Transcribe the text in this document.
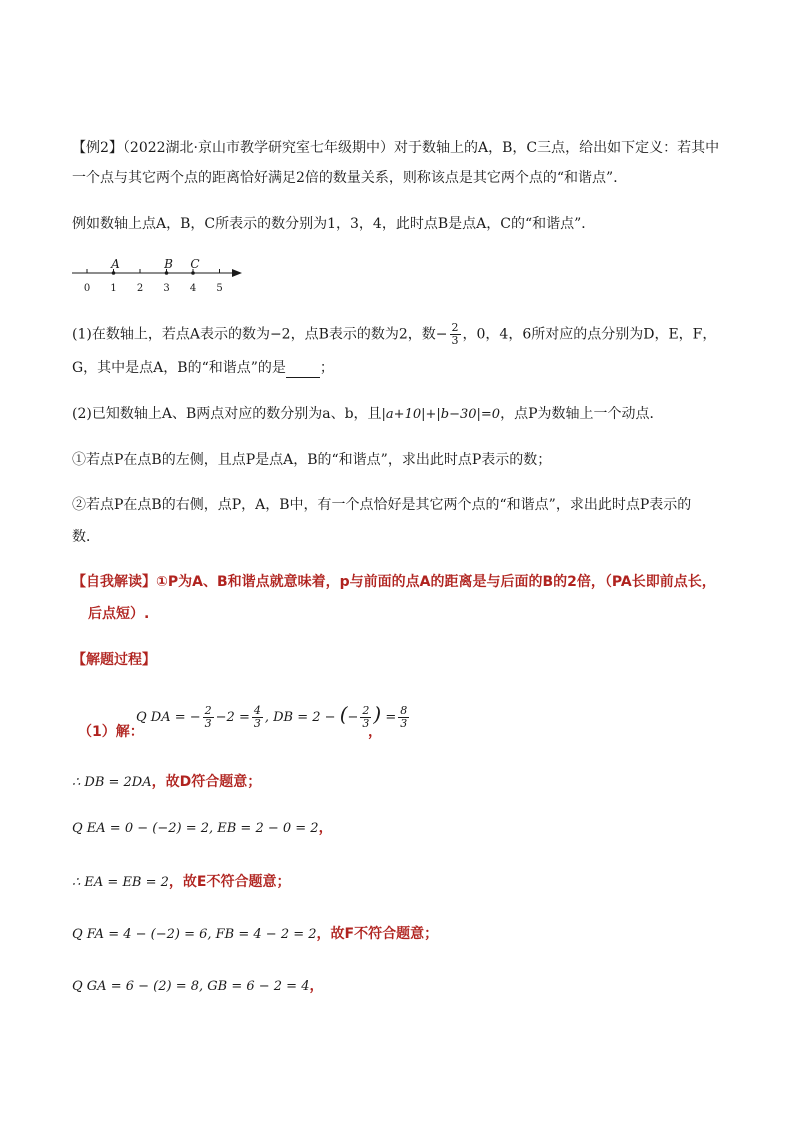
【例2】（2022湖北·京山市教学研究室七年级期中）对于数轴上的A，B，C三点，给出如下定义：若其中
一个点与其它两个点的距离恰好满足2倍的数量关系，则称该点是其它两个点的“和谐点”．
例如数轴上点A，B，C所表示的数分别为1，3，4，此时点B是点A，C的“和谐点”．
0 1 2 3 4 5
A	B C
(1)在数轴上，若点A表示的数为−2，点B表示的数为2，数− $\frac{2}{3}$ ，0，4，6所对应的点分别为D，E，F，
G，其中是点A，B的“和谐点”的是 ；
(2)已知数轴上A、B两点对应的数分别为a、b，且|a+10|+|b−30|=0，点P为数轴上一个动点．
①若点P在点B的左侧，且点P是点A，B的“和谐点”，求出此时点P表示的数；
②若点P在点B的右侧，点P，A，B中，有一个点恰好是其它两个点的“和谐点”，求出此时点P表示的
数．
【自我解读】①P为A、B和谐点就意味着，p与前面的点A的距离是与后面的B的2倍，（PA长即前点长，
后点短）.
【解题过程】
（1）解：
Q DA = − $\frac{2}{3} -2 = \frac{4}{3}$ , DB = 2 − (− $\frac{2}{3}$ ) = $\frac{8}{3}$
，
∴ DB = 2DA，故D符合题意；
Q EA = 0 − (−2) = 2, EB = 2 − 0 = 2，
∴ EA = EB = 2，故E不符合题意；
Q FA = 4 − (−2) = 6, FB = 4 − 2 = 2，故F不符合题意；
Q GA = 6 − (2) = 8, GB = 6 − 2 = 4，
